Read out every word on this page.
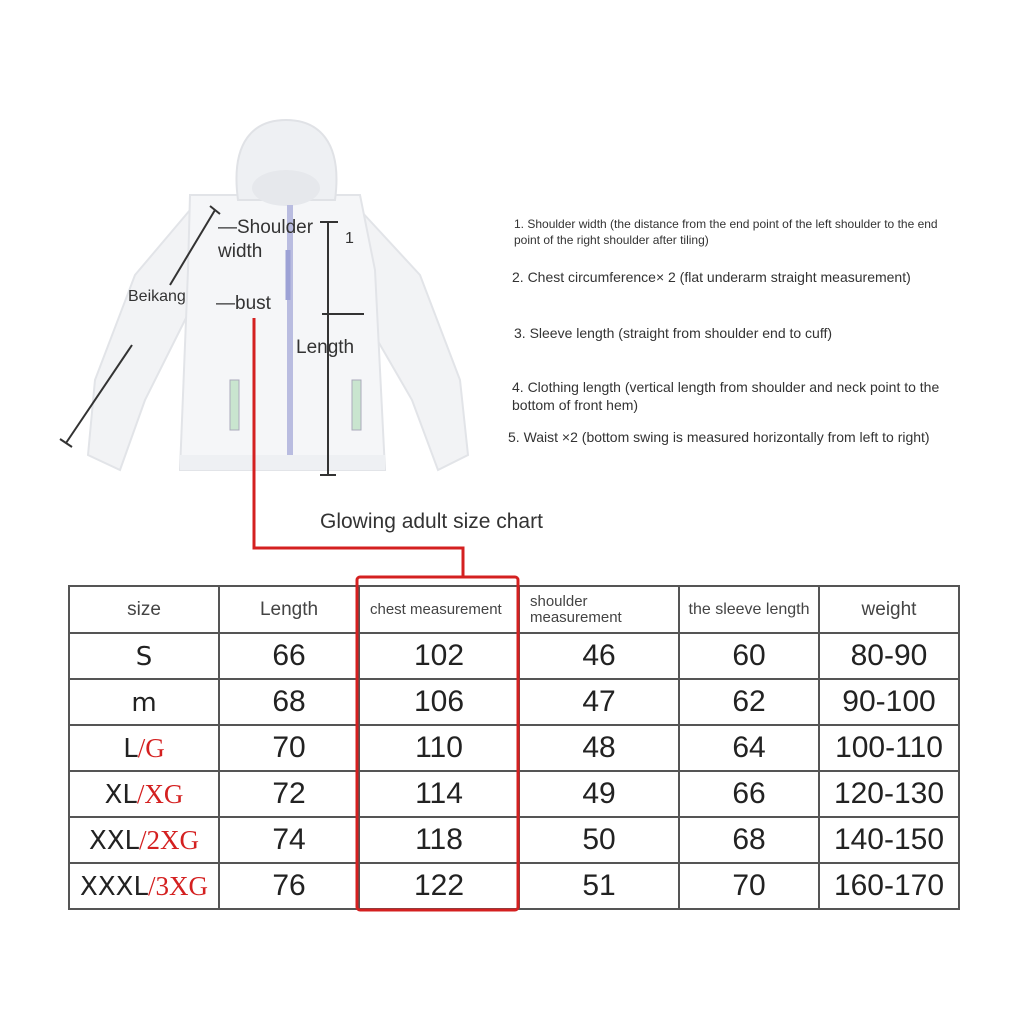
—Shoulder
width
1
Beikang —bust
Length
1. Shoulder width (the distance from the end point of the left shoulder to the end point of the right shoulder after tiling)
2. Chest circumference× 2 (flat underarm straight measurement)
3. Sleeve length (straight from shoulder end to cuff)
4. Clothing length (vertical length from shoulder and neck point to the bottom of front hem)
5. Waist ×2 (bottom swing is measured horizontally from left to right)
Glowing adult size chart
size	Length	chest measurement	shoulder measurement	the sleeve length	weight
S	66	102	46	60	80-90
m	68	106	47	62	90-100
L/G	70	110	48	64	100-110
XL/XG	72	114	49	66	120-130
XXL/2XG	74	118	50	68	140-150
XXXL/3XG	76	122	51	70	160-170
